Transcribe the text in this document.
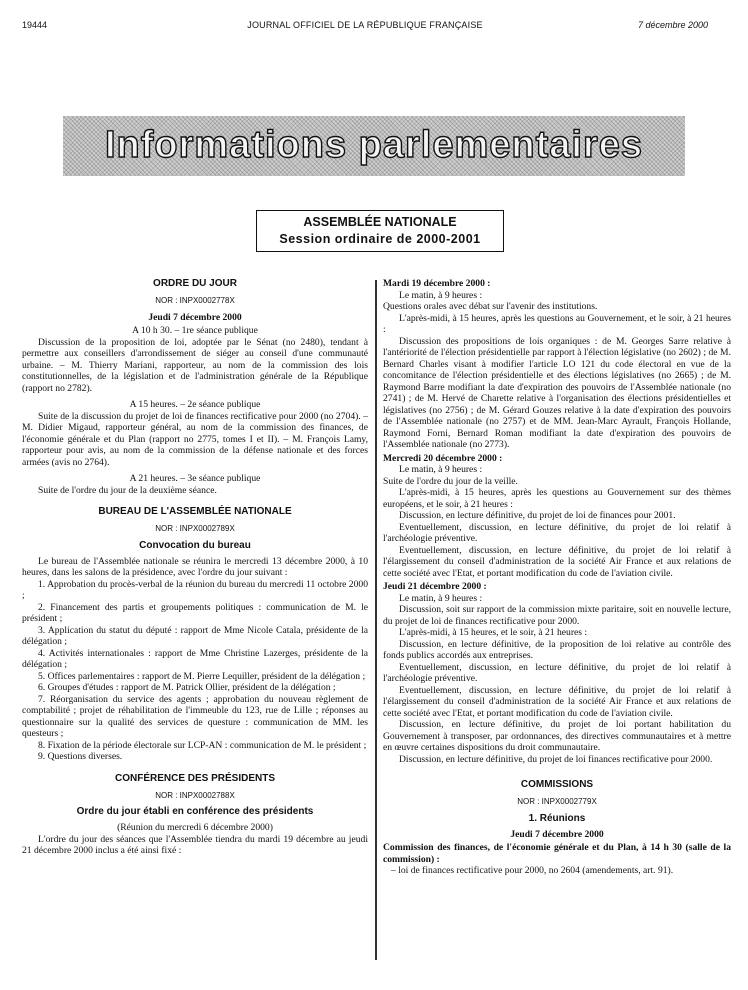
19444	JOURNAL OFFICIEL DE LA RÉPUBLIQUE FRANÇAISE	7 décembre 2000
Informations parlementaires
ASSEMBLÉE NATIONALE
Session ordinaire de 2000-2001
ORDRE DU JOUR
NOR : INPX0002778X
Jeudi 7 décembre 2000

A 10 h 30. – 1re séance publique

Discussion de la proposition de loi, adoptée par le Sénat (no 2480), tendant à permettre aux conseillers d'arrondissement de siéger au conseil d'une communauté urbaine. – M. Thierry Mariani, rapporteur, au nom de la commission des lois constitutionnelles, de la législation et de l'administration générale de la République (rapport no 2782).

A 15 heures. – 2e séance publique

Suite de la discussion du projet de loi de finances rectificative pour 2000 (no 2704). – M. Didier Migaud, rapporteur général, au nom de la commission des finances, de l'économie générale et du Plan (rapport no 2775, tomes I et II). – M. François Lamy, rapporteur pour avis, au nom de la commission de la défense nationale et des forces armées (avis no 2764).

A 21 heures. – 3e séance publique

Suite de l'ordre du jour de la deuxième séance.

BUREAU DE L'ASSEMBLÉE NATIONALE
NOR : INPX0002789X
Convocation du bureau

Le bureau de l'Assemblée nationale se réunira le mercredi 13 décembre 2000, à 10 heures, dans les salons de la présidence, avec l'ordre du jour suivant :

1. Approbation du procès-verbal de la réunion du bureau du mercredi 11 octobre 2000 ;

2. Financement des partis et groupements politiques : communication de M. le président ;

3. Application du statut du député : rapport de Mme Nicole Catala, présidente de la délégation ;

4. Activités internationales : rapport de Mme Christine Lazerges, présidente de la délégation ;

5. Offices parlementaires : rapport de M. Pierre Lequiller, président de la délégation ;

6. Groupes d'études : rapport de M. Patrick Ollier, président de la délégation ;

7. Réorganisation du service des agents ; approbation du nouveau règlement de comptabilité ; projet de réhabilitation de l'immeuble du 123, rue de Lille ; réponses au questionnaire sur la qualité des services de questure : communication de MM. les questeurs ;

8. Fixation de la période électorale sur LCP-AN : communication de M. le président ;

9. Questions diverses.

CONFÉRENCE DES PRÉSIDENTS
NOR : INPX0002788X
Ordre du jour établi en conférence des présidents

(Réunion du mercredi 6 décembre 2000)

L'ordre du jour des séances que l'Assemblée tiendra du mardi 19 décembre au jeudi 21 décembre 2000 inclus a été ainsi fixé :

Mardi 19 décembre 2000 :

Le matin, à 9 heures :

Questions orales avec débat sur l'avenir des institutions.

L'après-midi, à 15 heures, après les questions au Gouvernement, et le soir, à 21 heures :

Discussion des propositions de lois organiques : de M. Georges Sarre relative à l'antériorité de l'élection présidentielle par rapport à l'élection législative (no 2602) ; de M. Bernard Charles visant à modifier l'article LO 121 du code électoral en vue de la concomitance de l'élection présidentielle et des élections législatives (no 2665) ; de M. Raymond Barre modifiant la date d'expiration des pouvoirs de l'Assemblée nationale (no 2741) ; de M. Hervé de Charette relative à l'organisation des élections présidentielles et législatives (no 2756) ; de M. Gérard Gouzes relative à la date d'expiration des pouvoirs de l'Assemblée nationale (no 2757) et de MM. Jean-Marc Ayrault, François Hollande, Raymond Forni, Bernard Roman modifiant la date d'expiration des pouvoirs de l'Assemblée nationale (no 2773).

Mercredi 20 décembre 2000 :

Le matin, à 9 heures :

Suite de l'ordre du jour de la veille.

L'après-midi, à 15 heures, après les questions au Gouvernement sur des thèmes européens, et le soir, à 21 heures :

Discussion, en lecture définitive, du projet de loi de finances pour 2001.

Eventuellement, discussion, en lecture définitive, du projet de loi relatif à l'archéologie préventive.

Eventuellement, discussion, en lecture définitive, du projet de loi relatif à l'élargissement du conseil d'administration de la société Air France et aux relations de cette société avec l'Etat, et portant modification du code de l'aviation civile.

Jeudi 21 décembre 2000 :

Le matin, à 9 heures :

Discussion, soit sur rapport de la commission mixte paritaire, soit en nouvelle lecture, du projet de loi de finances rectificative pour 2000.

L'après-midi, à 15 heures, et le soir, à 21 heures :

Discussion, en lecture définitive, de la proposition de loi relative au contrôle des fonds publics accordés aux entreprises.

Eventuellement, discussion, en lecture définitive, du projet de loi relatif à l'archéologie préventive.

Eventuellement, discussion, en lecture définitive, du projet de loi relatif à l'élargissement du conseil d'administration de la société Air France et aux relations de cette société avec l'Etat, et portant modification du code de l'aviation civile.

Discussion, en lecture définitive, du projet de loi portant habilitation du Gouvernement à transposer, par ordonnances, des directives communautaires et à mettre en œuvre certaines dispositions du droit communautaire.

Discussion, en lecture définitive, du projet de loi finances rectificative pour 2000.

COMMISSIONS
NOR : INPX0002779X
1. Réunions
Jeudi 7 décembre 2000

Commission des finances, de l'économie générale et du Plan, à 14 h 30 (salle de la commission) :

– loi de finances rectificative pour 2000, no 2604 (amendements, art. 91).
